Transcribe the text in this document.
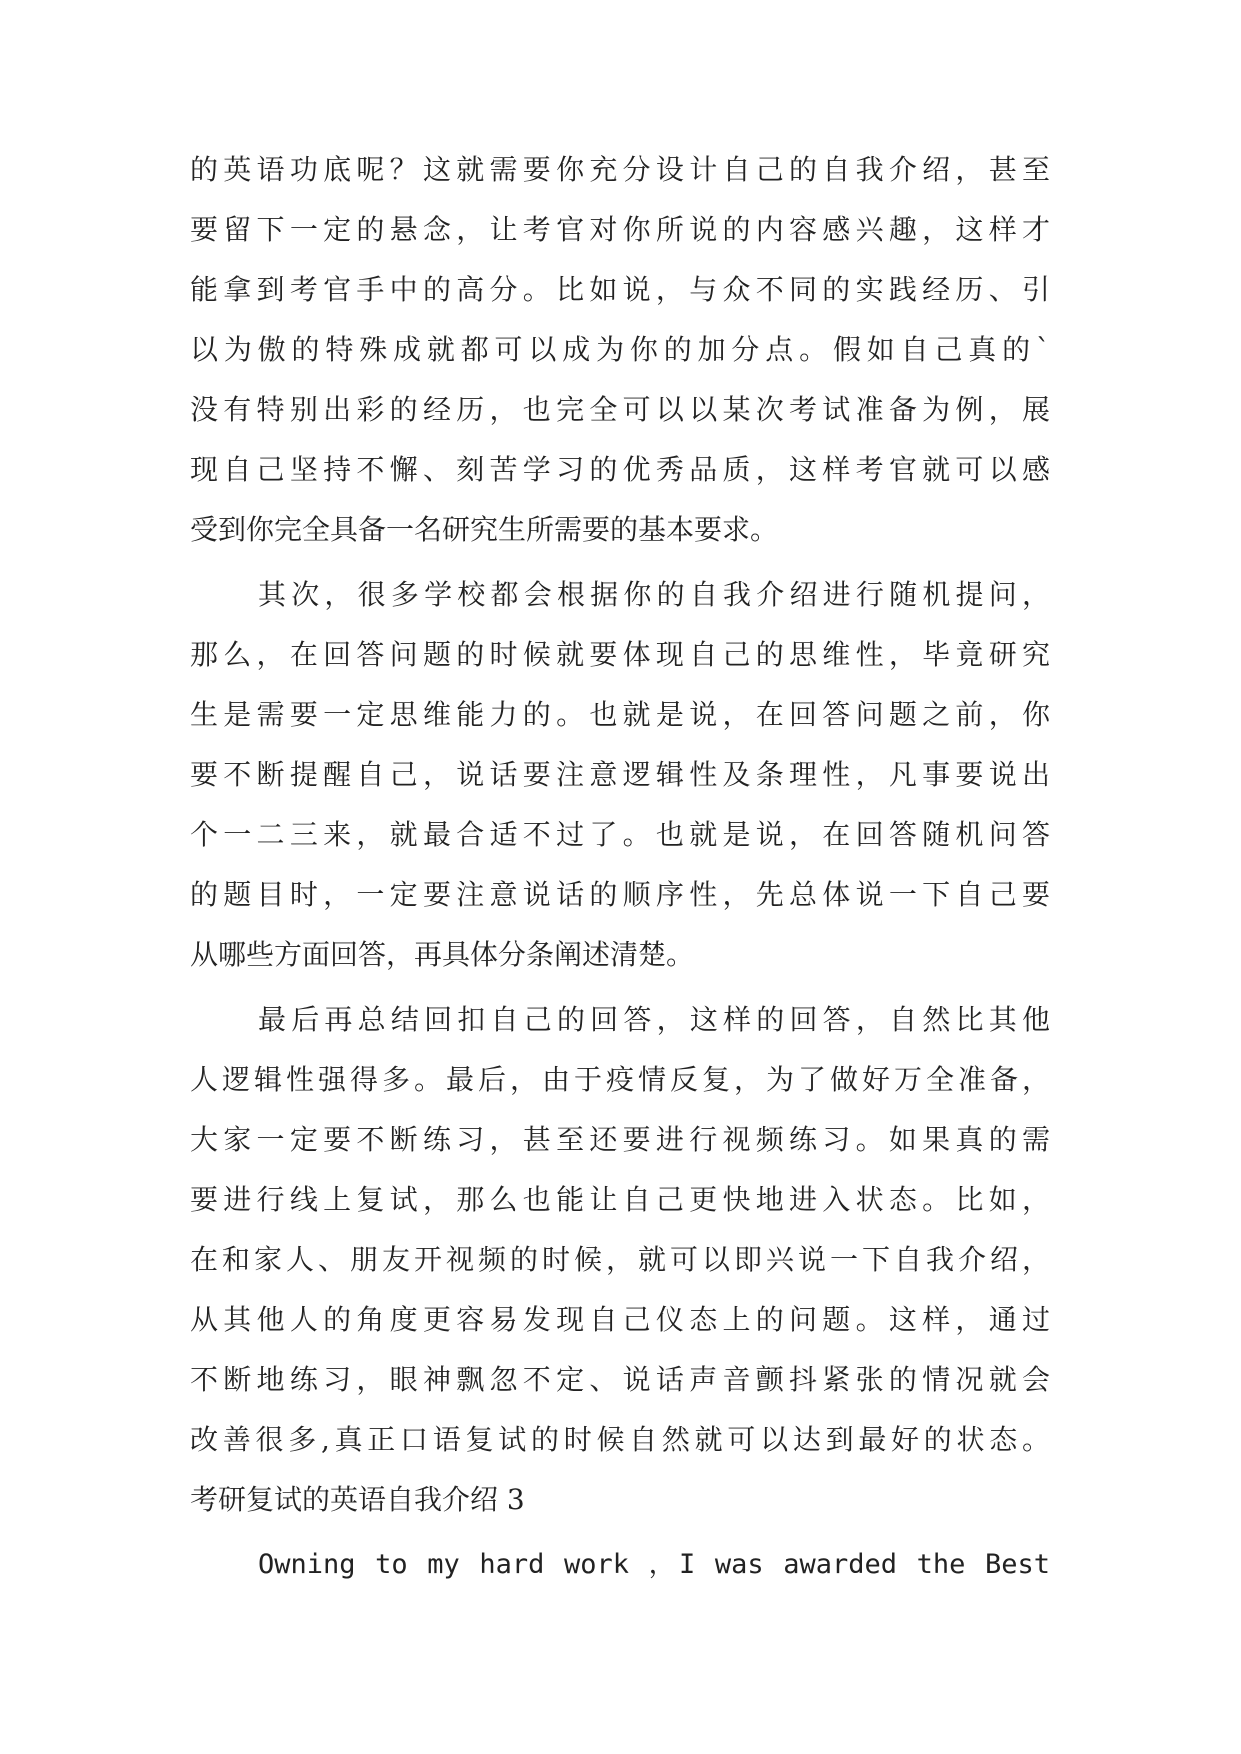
的英语功底呢？这就需要你充分设计自己的自我介绍，甚至
要留下一定的悬念，让考官对你所说的内容感兴趣，这样才
能拿到考官手中的高分。比如说，与众不同的实践经历、引
以为傲的特殊成就都可以成为你的加分点。假如自己真的`
没有特别出彩的经历，也完全可以以某次考试准备为例，展
现自己坚持不懈、刻苦学习的优秀品质，这样考官就可以感
受到你完全具备一名研究生所需要的基本要求。
其次，很多学校都会根据你的自我介绍进行随机提问，
那么，在回答问题的时候就要体现自己的思维性，毕竟研究
生是需要一定思维能力的。也就是说，在回答问题之前，你
要不断提醒自己，说话要注意逻辑性及条理性，凡事要说出
个一二三来，就最合适不过了。也就是说，在回答随机问答
的题目时，一定要注意说话的顺序性，先总体说一下自己要
从哪些方面回答，再具体分条阐述清楚。
最后再总结回扣自己的回答，这样的回答，自然比其他
人逻辑性强得多。最后，由于疫情反复，为了做好万全准备，
大家一定要不断练习，甚至还要进行视频练习。如果真的需
要进行线上复试，那么也能让自己更快地进入状态。比如，
在和家人、朋友开视频的时候，就可以即兴说一下自我介绍，
从其他人的角度更容易发现自己仪态上的问题。这样，通过
不断地练习，眼神飘忽不定、说话声音颤抖紧张的情况就会
改善很多,真正口语复试的时候自然就可以达到最好的状态。
考研复试的英语自我介绍 3
Owning to my hard work ，I was awarded the Best
